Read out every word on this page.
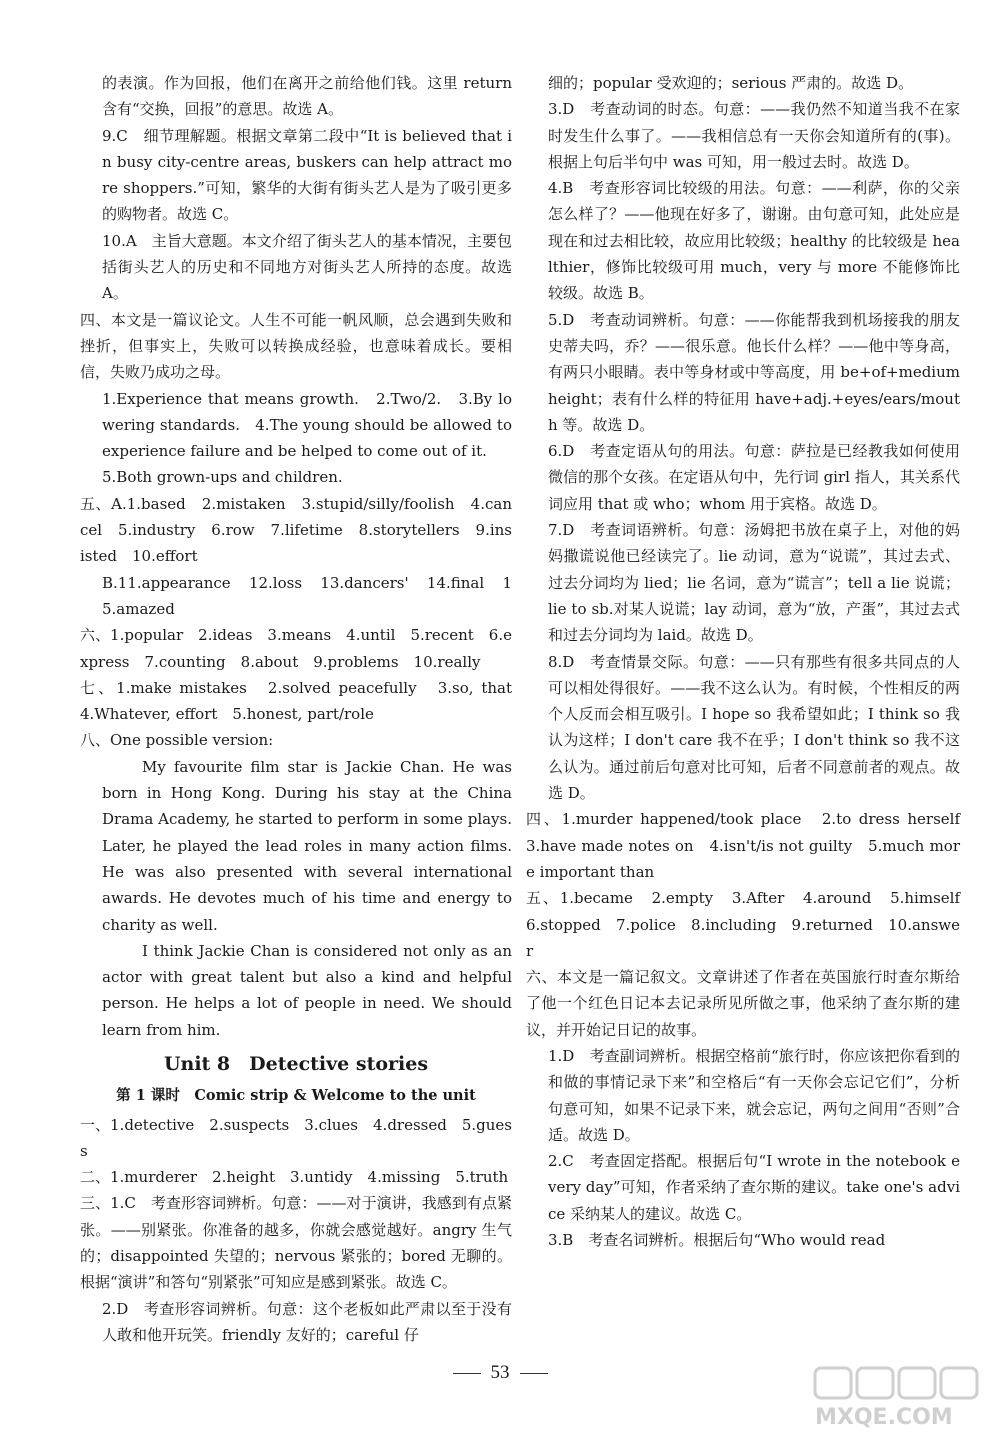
的表演。作为回报，他们在离开之前给他们钱。这里 return 含有“交换，回报”的意思。故选 A。

9.C　细节理解题。根据文章第二段中“It is believed that in busy city-centre areas, buskers can help attract more shoppers.”可知，繁华的大街有街头艺人是为了吸引更多的购物者。故选 C。

10.A　主旨大意题。本文介绍了街头艺人的基本情况，主要包括街头艺人的历史和不同地方对街头艺人所持的态度。故选 A。

四、本文是一篇议论文。人生不可能一帆风顺，总会遇到失败和挫折，但事实上，失败可以转换成经验，也意味着成长。要相信，失败乃成功之母。

1.Experience that means growth.　2.Two/2.　3.By lowering standards.　4.The young should be allowed to experience failure and be helped to come out of it.

5.Both grown-ups and children.

五、A.1.based　2.mistaken　3.stupid/silly/foolish　4.cancel　5.industry　6.row　7.lifetime　8.storytellers　9.insisted　10.effort

B.11.appearance　12.loss　13.dancers'　14.final　15.amazed

六、1.popular　2.ideas　3.means　4.until　5.recent　6.express　7.counting　8.about　9.problems　10.really

七、1.make mistakes　2.solved peacefully　3.so, that　4.Whatever, effort　5.honest, part/role

八、One possible version:

My favourite film star is Jackie Chan. He was born in Hong Kong. During his stay at the China Drama Academy, he started to perform in some plays. Later, he played the lead roles in many action films. He was also presented with several international awards. He devotes much of his time and energy to charity as well.

I think Jackie Chan is considered not only as an actor with great talent but also a kind and helpful person. He helps a lot of people in need. We should learn from him.

Unit 8　Detective stories

第 1 课时　Comic strip & Welcome to the unit

一、1.detective　2.suspects　3.clues　4.dressed　5.guess

二、1.murderer　2.height　3.untidy　4.missing　5.truth

三、1.C　考查形容词辨析。句意：——对于演讲，我感到有点紧张。——别紧张。你准备的越多，你就会感觉越好。angry 生气的；disappointed 失望的；nervous 紧张的；bored 无聊的。根据“演讲”和答句“别紧张”可知应是感到紧张。故选 C。

2.D　考查形容词辨析。句意：这个老板如此严肃以至于没有人敢和他开玩笑。friendly 友好的；careful 仔

细的；popular 受欢迎的；serious 严肃的。故选 D。

3.D　考查动词的时态。句意：——我仍然不知道当我不在家时发生什么事了。——我相信总有一天你会知道所有的(事)。根据上句后半句中 was 可知，用一般过去时。故选 D。

4.B　考查形容词比较级的用法。句意：——利萨，你的父亲怎么样了？——他现在好多了，谢谢。由句意可知，此处应是现在和过去相比较，故应用比较级；healthy 的比较级是 healthier，修饰比较级可用 much，very 与 more 不能修饰比较级。故选 B。

5.D　考查动词辨析。句意：——你能帮我到机场接我的朋友史蒂夫吗，乔？——很乐意。他长什么样？——他中等身高，有两只小眼睛。表中等身材或中等高度，用 be+of+medium height；表有什么样的特征用 have+adj.+eyes/ears/mouth 等。故选 D。

6.D　考查定语从句的用法。句意：萨拉是已经教我如何使用微信的那个女孩。在定语从句中，先行词 girl 指人，其关系代词应用 that 或 who；whom 用于宾格。故选 D。

7.D　考查词语辨析。句意：汤姆把书放在桌子上，对他的妈妈撒谎说他已经读完了。lie 动词，意为“说谎”，其过去式、过去分词均为 lied；lie 名词，意为“谎言”；tell a lie 说谎；lie to sb.对某人说谎；lay 动词，意为“放，产蛋”，其过去式和过去分词均为 laid。故选 D。

8.D　考查情景交际。句意：——只有那些有很多共同点的人可以相处得很好。——我不这么认为。有时候，个性相反的两个人反而会相互吸引。I hope so 我希望如此；I think so 我认为这样；I don't care 我不在乎；I don't think so 我不这么认为。通过前后句意对比可知，后者不同意前者的观点。故选 D。

四、1.murder happened/took place　2.to dress herself　3.have made notes on　4.isn't/is not guilty　5.much more important than

五、1.became　2.empty　3.After　4.around　5.himself　6.stopped　7.police　8.including　9.returned　10.answer

六、本文是一篇记叙文。文章讲述了作者在英国旅行时查尔斯给了他一个红色日记本去记录所见所做之事，他采纳了查尔斯的建议，并开始记日记的故事。

1.D　考查副词辨析。根据空格前“旅行时，你应该把你看到的和做的事情记录下来”和空格后“有一天你会忘记它们”，分析句意可知，如果不记录下来，就会忘记，两句之间用“否则”合适。故选 D。

2.C　考查固定搭配。根据后句“I wrote in the notebook every day”可知，作者采纳了查尔斯的建议。take one's advice 采纳某人的建议。故选 C。

3.B　考查名词辨析。根据后句“Who would read

53
MXQE.COM
